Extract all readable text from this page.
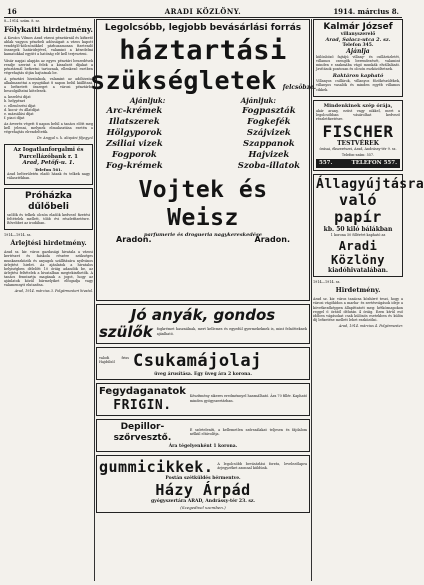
16	ARADI KÖZLÖNY.	1914. március 8.
8—1914. szám. 8. sz.
Fölykaiti hirdetmény.
A Kovács Vilmos Arad városi pénztárnál és kifizető ablak vagyon pénzbeli adósságait a város kapott vendéglő-kölcsönökkel párhuzamosan fizetendő összegek határidejével, valamint a késedelmi kamatokkal együtt a hatóság elé kell terjeszteni.
Vásár napjai alapján az egyes pénztári beszedések rendje szerint a felek a kiszabott díjakat a pénztárnál befizetni tartoznak, ellenkező esetben végrehajtás útján hajtatnak be.
A pénztári hivatalnok, valamint az adóhivatal alkalmazottai a nyugtákat 8 napon belül kiállítani, a befizetett összeget a városi pénztárba beszolgáltatni kötelesek.
a. kezelési díjat
b. helypénzt
c. ellenőrzési díjat
d. kocsi- és állatdíjat
e. mázsálási díjat
f. piaci díjat
Az árverés végett 8 napon belül a tanács előtt meg kell jelenni, melynek elmulasztása esetén a végrehajtás elrendeltetik.
Dr. Angyal s. k. alispáni főjegyző
Az Iogatlanforgalmi és
Parcellázóbank r. 1
Arad, Petőfi-u. 1.
Telefon 561.
Arad belterületén eladó házak és telkek nagy választékban.
Próházka dűlőbeli
szőlők és telkek olcsón eladók kedvező fizetési feltételek mellett, több évi részletfizetésre. Bővebbet az irodában.
1914—1914. sz.
Árlejtési hirdetmény.
Arad sz. kir. város gazdasági hivatala a városi kertészet és faiskola részére szükséges munkaeszközök és anyagok szállítására nyilvános árlejtést hirdet. Az ajánlatok a hivatalos helyiségben délelőtt 10 óráig adandók be, az árlejtési feltételek a hivatalban megtekinthetők. A tanács fenntartja magának a jogot, hogy az ajánlatok közül bármelyiket elfogadja vagy valamennyit elutasítsa.
Arad, 1914. március 3. Polgármesteri hivatal.
Legolcsóbb, legjobb bevásárlási forrás
háztartási
szükségletek felcsöbze.
Ajánljuk:	Ajánljuk:
Arc-krémek
Illatszerek
Hölgyporok
Zsiliai vizek
Fogporok
Fog-krémek
Fogpaszták
Fogkefék
Szájvizek
Szappanok
Hajvizek
Szoba-illatok
Vojtek és Weisz
parfumerie és drogueria nagykereskedése
Aradon.	Aradon.
Jó anyák, gondos
szülők fogkrémet használnak, mert kellemes és egyedül gyermekeknek is, mint felnőtteknek ajánlható.
valodi friss Hajdúból	Csukamájolaj
üveg árusítása. Egy üveg ára 2 korona.
Fegydaganatok
FRIGIN.
Készítmény sikeres eredménnyel használható. Ára 70 fillér. Kapható minden gyógyszertárban.
Depillor-szőrvesztő.
E szőrteleníti, a kellemetlen szőrszálakat teljesen és fájdalom nélkül eltávolítja.
Ára tégelyenként 1 korona.
gummicikkek. A legolcsóbb bevásárlási forrás, levelezőlapra árjegyzéket azonnal küldünk.
Postán szétküldés bérmentve.
Házy Árpád
gyógyszertára ARAD, Andrássy-tér 23. sz.
(Szegedivel szemben.)
Kalmár József
villanyszerelő
Arad, Salacz-utca 2. sz.
Telefon 345.
Ajánlja
különböző fajtájú villany- és csillárüzletét, villamos csengők berendezését, valamint minden e szakmába vágó munkák elvállalását. Javítások pontosan és olcsón eszközöltetnek.
Raktáron kapható
Villanyos csillárok, villanyos főzőkészülékek, villanyos vasalók és minden egyéb villamos cikkek.
Mindenkinek szép órája,
akár arany, ezüst vagy nikkel, mert a legolcsóbban vásárolhat kedvező részletfizetésre.
FISCHER
TESTVÉREK
órásai, ékszerészei, Arad, Andrássy-tér 9. sz.
Telefon-szám: 557.
557.	TELEFON 557.
Állagyújtásra
való papír
kb. 50 kiló bálákban
1 korona 50 fillérért kapható az
Aradi Közlöny
kiadóhivatalában.
1914—1914. sz.
Hirdetmény.
Arad sz. kir. város tanácsa közhírré teszi, hogy a városi vágóhídon a marha- és sertésvágások ideje a következőképpen állapíttatott meg: hétköznapokon reggel 6 órától délután 4 óráig. Ezen kívül eső időben vágásokat csak különös esetekben és külön díj lefizetése mellett lehet eszközölni.
Arad, 1914. március 4. Polgármester.
